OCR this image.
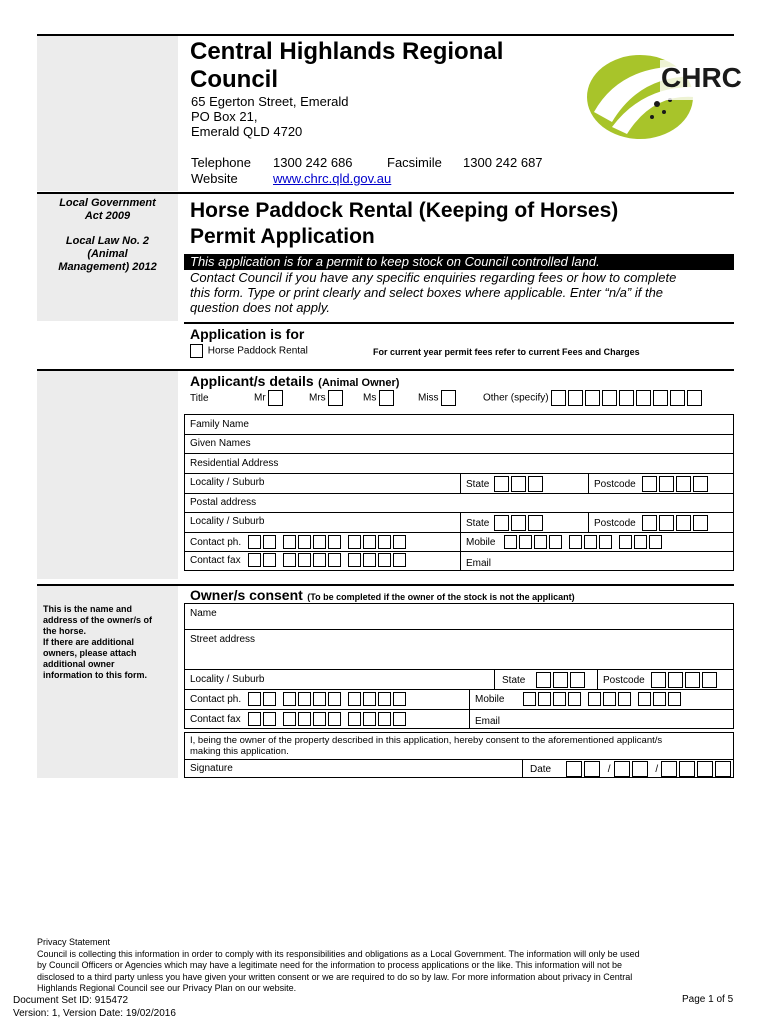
Central Highlands Regional
Council
65 Egerton Street, Emerald
PO Box 21,
Emerald QLD 4720
Telephone 1300 242 686	Facsimile 1300 242 687
Website	www.chrc.qld.gov.au
CHRC
Local Government
Act 2009
Local Law No. 2
(Animal
Management) 2012
Horse Paddock Rental (Keeping of Horses)
Permit Application
This application is for a permit to keep stock on Council controlled land.
Contact Council if you have any specific enquiries regarding fees or how to complete
this form. Type or print clearly and select boxes where applicable. Enter “n/a” if the
question does not apply.
Application is for
Horse Paddock Rental	For current year permit fees refer to current Fees and Charges
Applicant/s details (Animal Owner)
Title	Mr	Mrs	Ms	Miss	Other (specify)
Family Name
Given Names
Residential Address
Locality / Suburb	State	Postcode
Postal address
Locality / Suburb	State	Postcode
Contact ph.	Mobile
Contact fax	Email
This is the name and
address of the owner/s of
the horse.
If there are additional
owners, please attach
additional owner
information to this form.
Owner/s consent (To be completed if the owner of the stock is not the applicant)
Name
Street address
Locality / Suburb	State	Postcode
Contact ph.	Mobile
Contact fax	Email
I, being the owner of the property described in this application, hereby consent to the aforementioned applicant/s
making this application.
Signature	Date	/	/
Privacy Statement
Council is collecting this information in order to comply with its responsibilities and obligations as a Local Government. The information will only be used
by Council Officers or Agencies which may have a legitimate need for the information to process applications or the like. This information will not be
disclosed to a third party unless you have given your written consent or we are required to do so by law. For more information about privacy in Central
Highlands Regional Council see our Privacy Plan on our website.
Document Set ID: 915472
Version: 1, Version Date: 19/02/2016
Page 1 of 5
